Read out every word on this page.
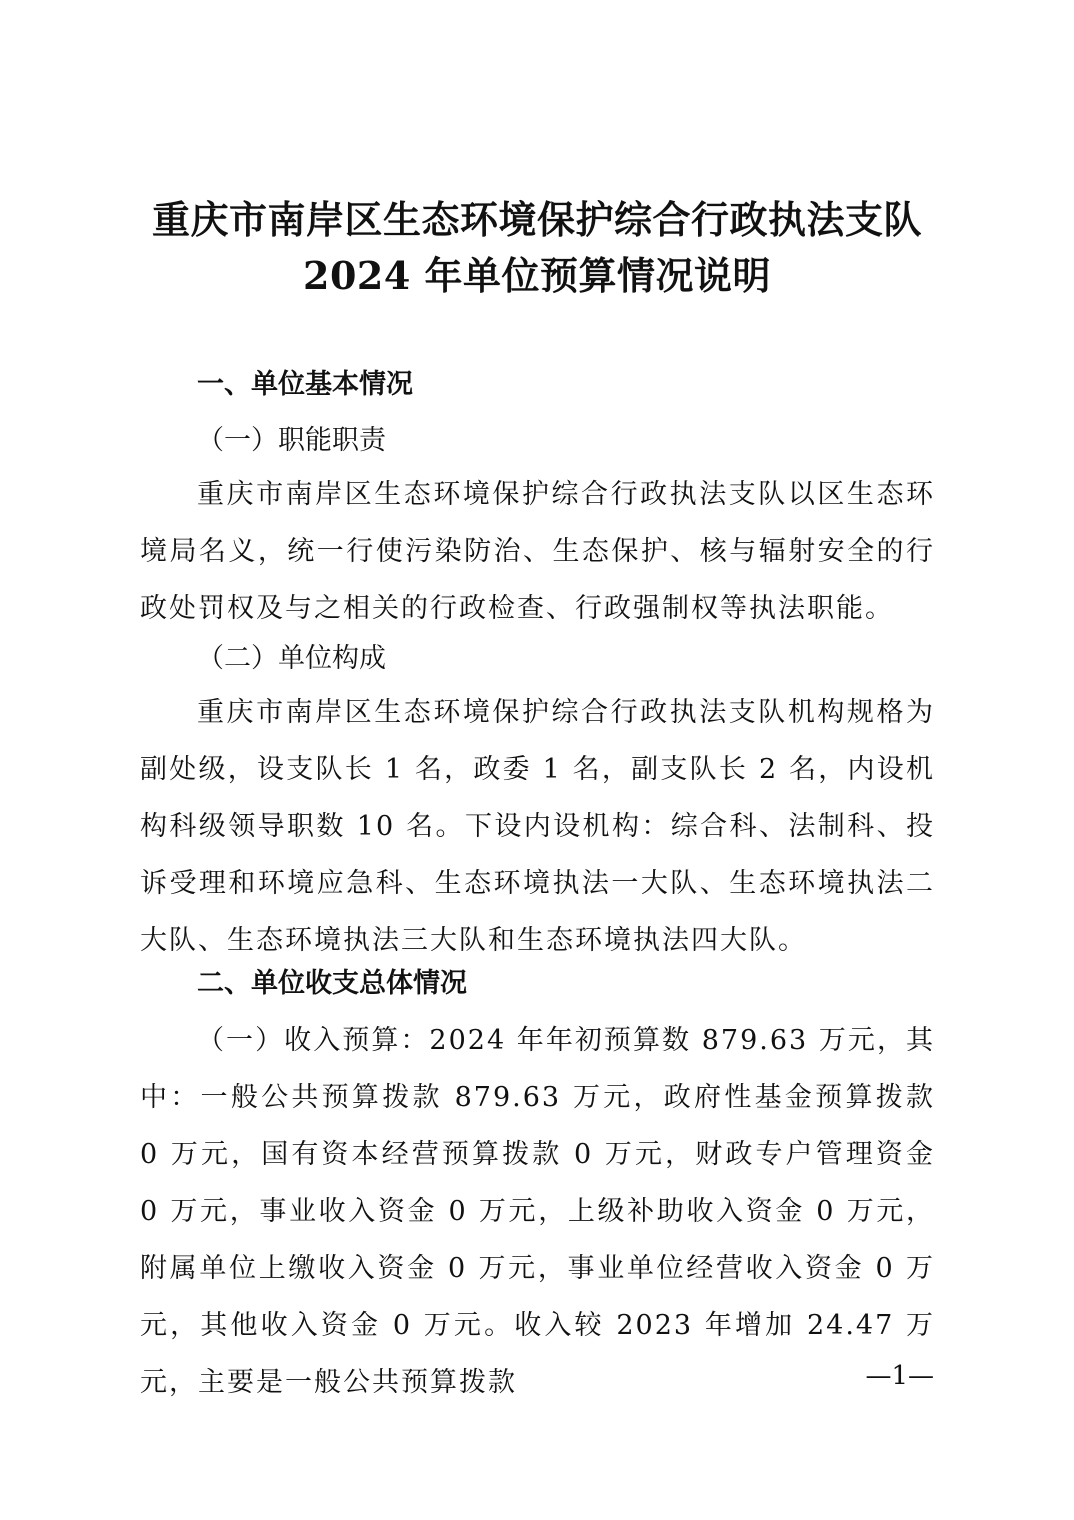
重庆市南岸区生态环境保护综合行政执法支队
2024 年单位预算情况说明
一、单位基本情况
（一）职能职责

重庆市南岸区生态环境保护综合行政执法支队以区生态环境局名义，统一行使污染防治、生态保护、核与辐射安全的行政处罚权及与之相关的行政检查、行政强制权等执法职能。

（二）单位构成

重庆市南岸区生态环境保护综合行政执法支队机构规格为副处级，设支队长 1 名，政委 1 名，副支队长 2 名，内设机构科级领导职数 10 名。下设内设机构：综合科、法制科、投诉受理和环境应急科、生态环境执法一大队、生态环境执法二大队、生态环境执法三大队和生态环境执法四大队。

二、单位收支总体情况

（一）收入预算：2024 年年初预算数 879.63 万元，其中：一般公共预算拨款 879.63 万元，政府性基金预算拨款 0 万元，国有资本经营预算拨款 0 万元，财政专户管理资金 0 万元，事业收入资金 0 万元，上级补助收入资金 0 万元，附属单位上缴收入资金 0 万元，事业单位经营收入资金 0 万元，其他收入资金 0 万元。收入较 2023 年增加 24.47 万元，主要是一般公共预算拨款	—1—
